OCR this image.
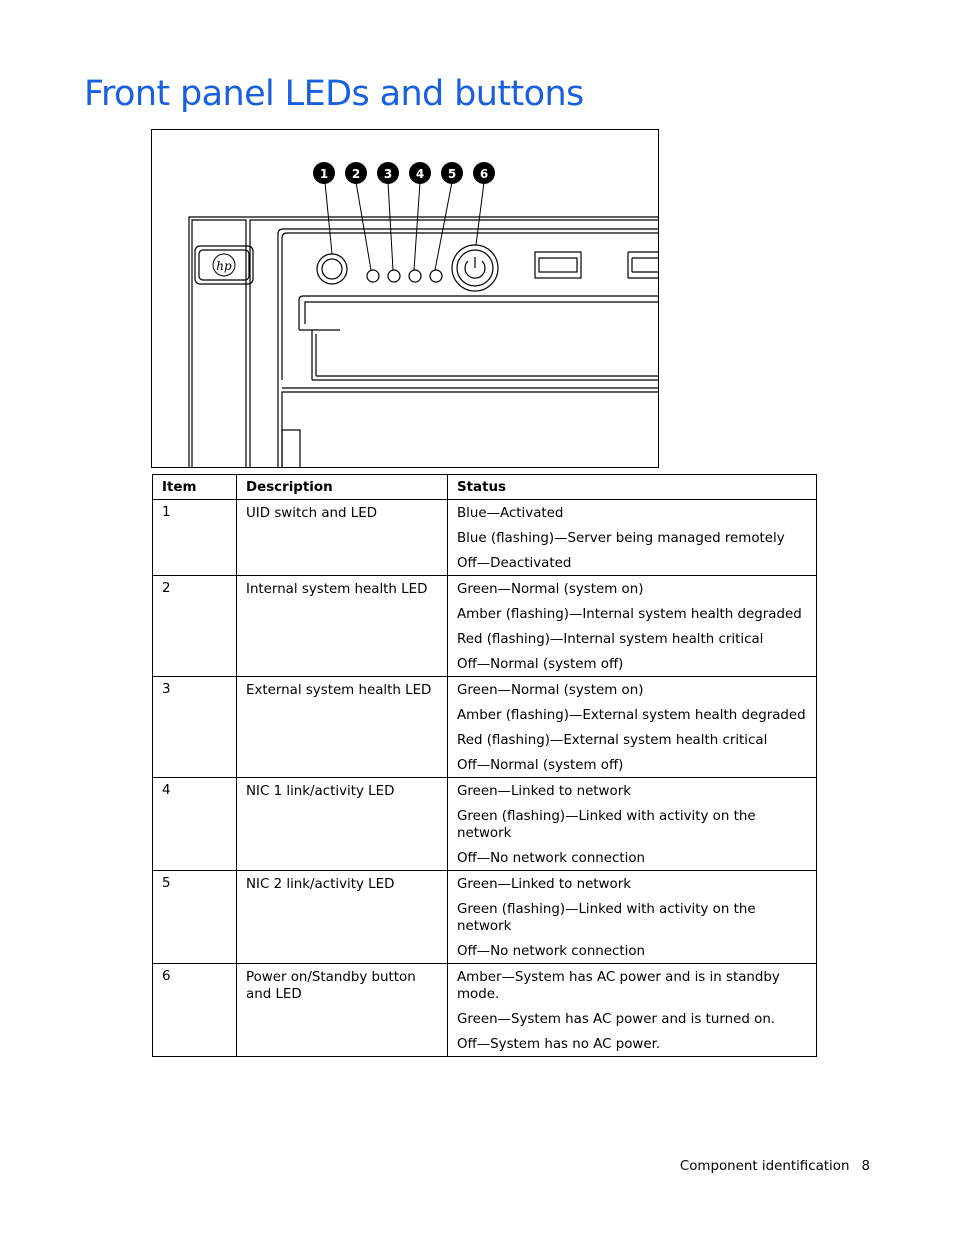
Front panel LEDs and buttons
1 2 3 4 5 6
hp
Item	Description	Status
1	UID switch and LED	Blue—Activated
Blue (flashing)—Server being managed remotely
Off—Deactivated

2	Internal system health LED	Green—Normal (system on)
Amber (flashing)—Internal system health degraded
Red (flashing)—Internal system health critical
Off—Normal (system off)

3	External system health LED	Green—Normal (system on)
Amber (flashing)—External system health degraded
Red (flashing)—External system health critical
Off—Normal (system off)

4	NIC 1 link/activity LED	Green—Linked to network
Green (flashing)—Linked with activity on the network
Off—No network connection

5	NIC 2 link/activity LED	Green—Linked to network
Green (flashing)—Linked with activity on the network
Off—No network connection

6	Power on/Standby button and LED	Amber—System has AC power and is in standby mode.
Green—System has AC power and is turned on.
Off—System has no AC power.
Component identification 8
